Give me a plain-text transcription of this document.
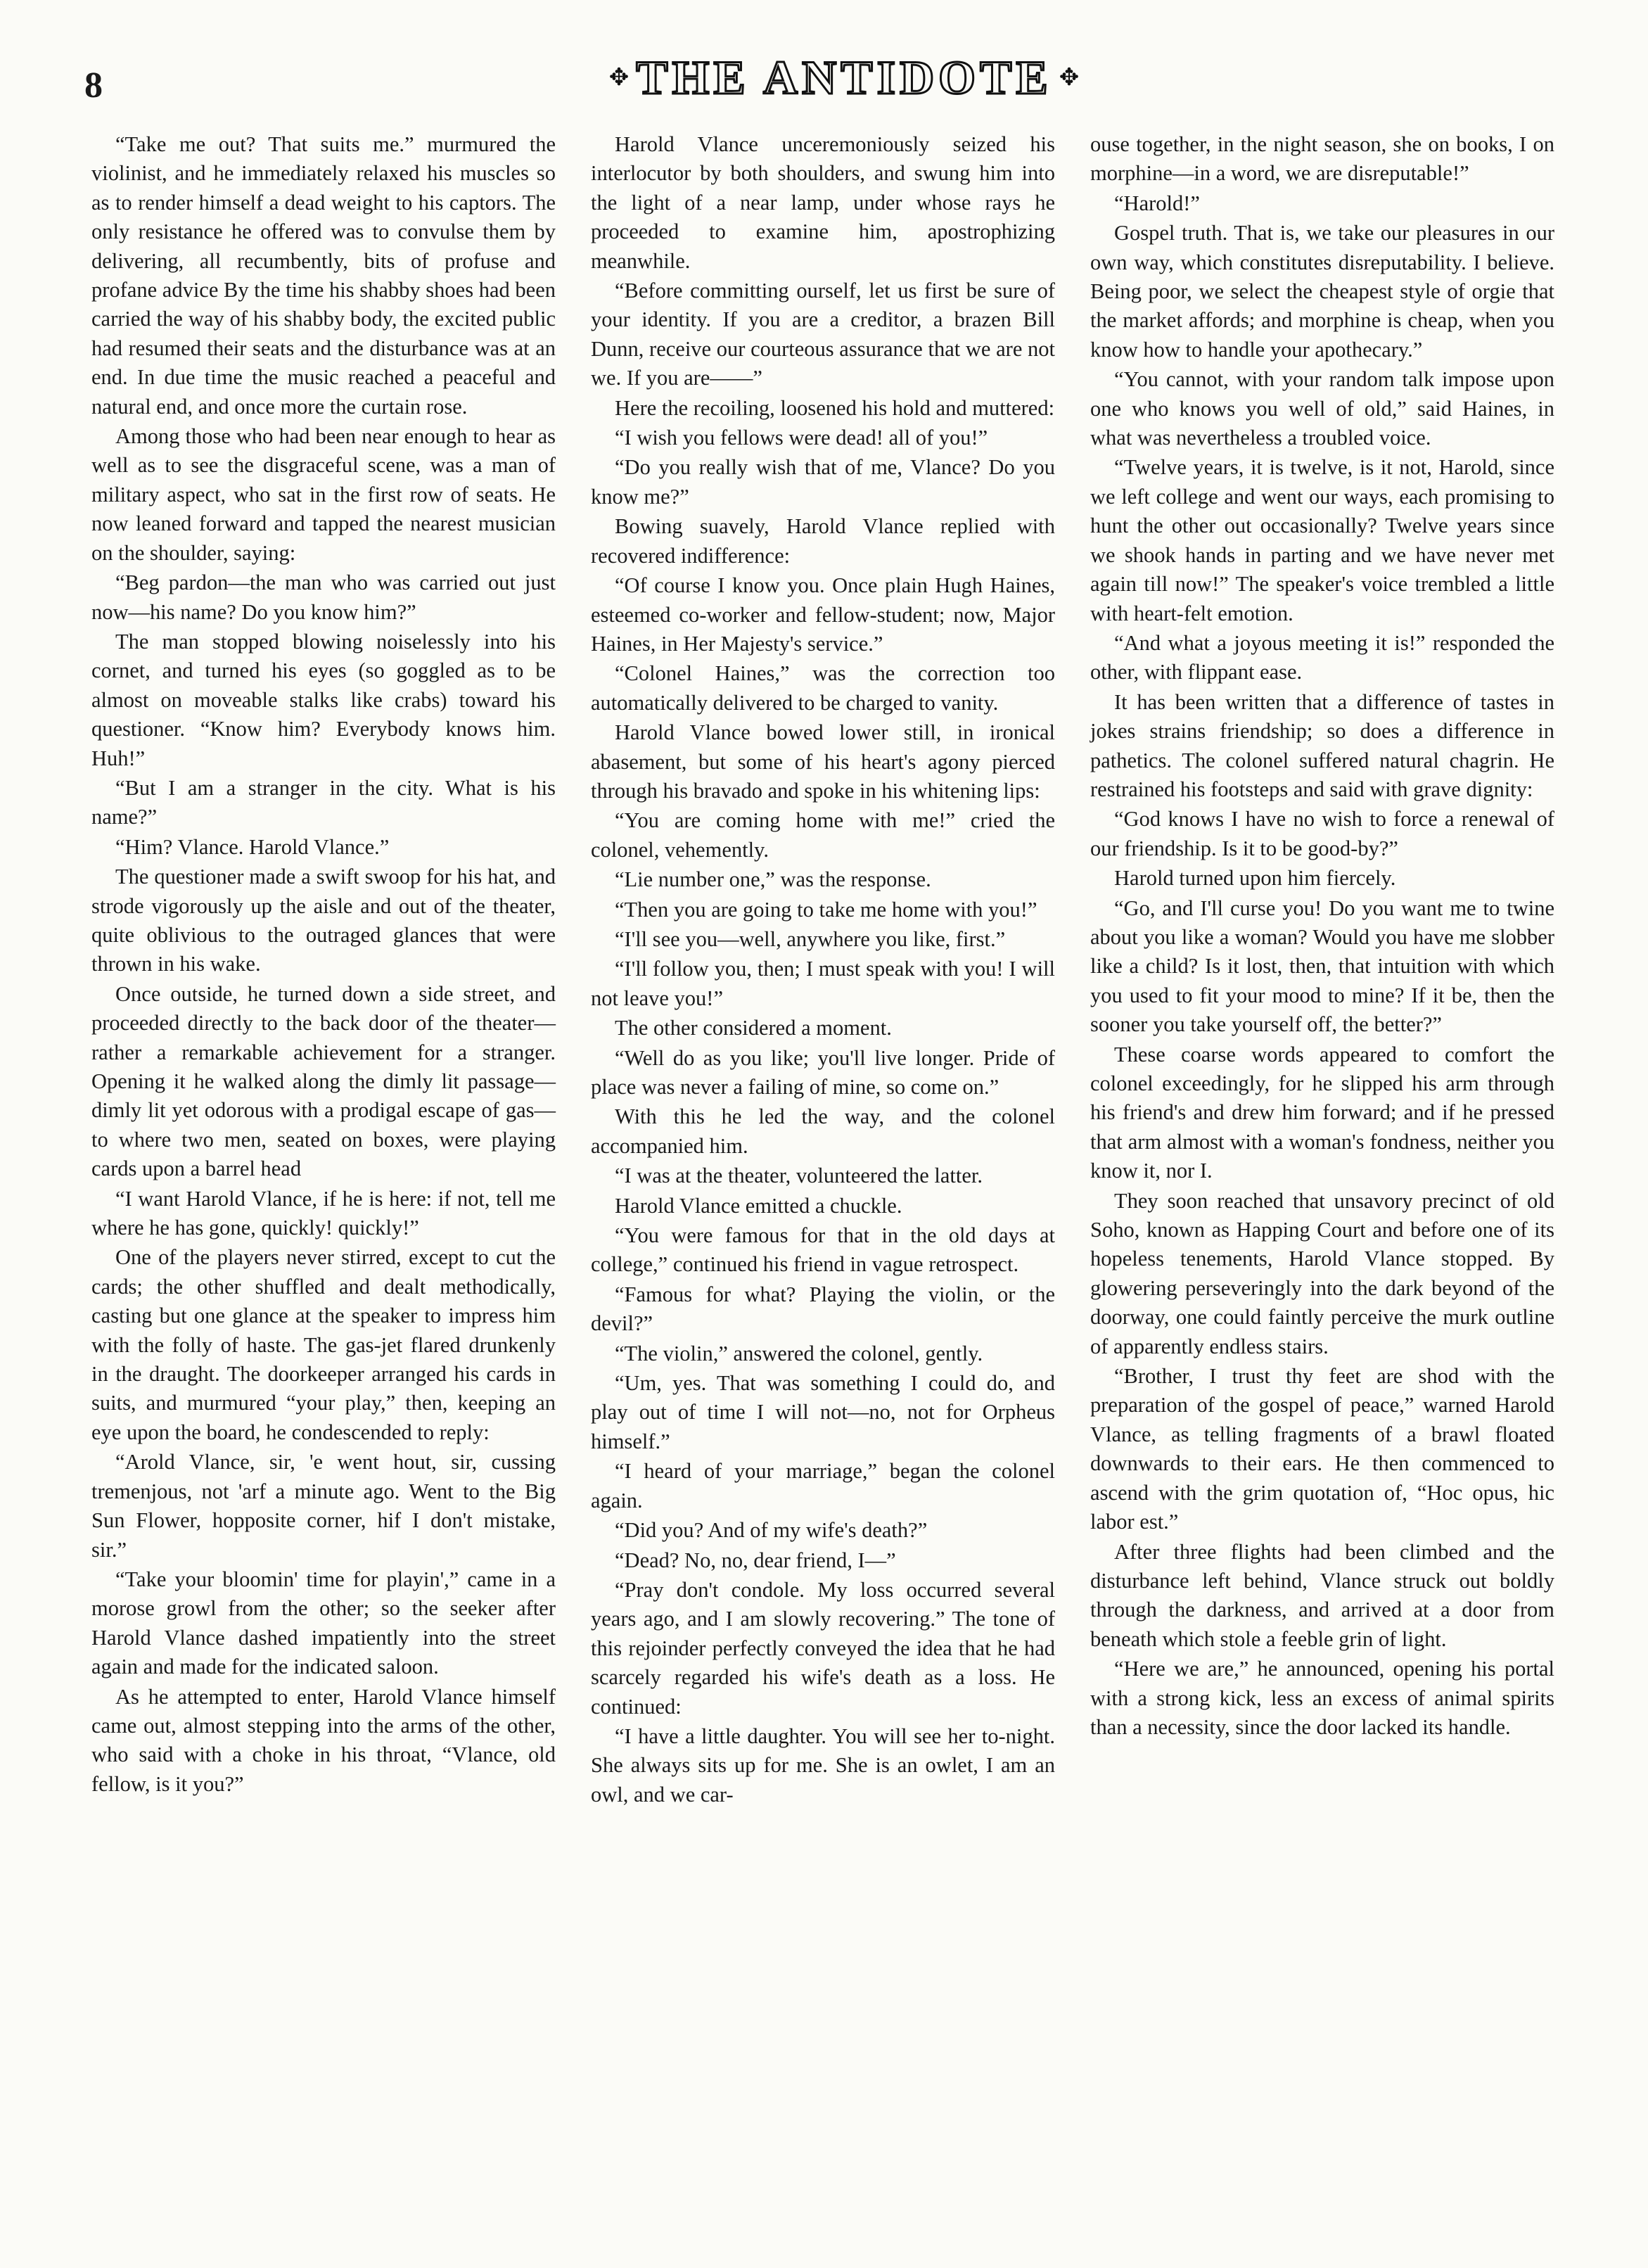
8	✥ THE ANTIDOTE ✥

“Take me out? That suits me.” murmured the violinist, and he immediately relaxed his muscles so as to render himself a dead weight to his captors. The only resistance he offered was to convulse them by delivering, all recumbently, bits of profuse and profane advice By the time his shabby shoes had been carried the way of his shabby body, the excited public had resumed their seats and the disturbance was at an end. In due time the music reached a peaceful and natural end, and once more the curtain rose.

Among those who had been near enough to hear as well as to see the disgraceful scene, was a man of military aspect, who sat in the first row of seats. He now leaned forward and tapped the nearest musician on the shoulder, saying:

“Beg pardon—the man who was carried out just now—his name? Do you know him?”

The man stopped blowing noiselessly into his cornet, and turned his eyes (so goggled as to be almost on moveable stalks like crabs) toward his questioner. “Know him? Everybody knows him. Huh!”

“But I am a stranger in the city. What is his name?”

“Him? Vlance. Harold Vlance.”

The questioner made a swift swoop for his hat, and strode vigorously up the aisle and out of the theater, quite oblivious to the outraged glances that were thrown in his wake.

Once outside, he turned down a side street, and proceeded directly to the back door of the theater—rather a remarkable achievement for a stranger. Opening it he walked along the dimly lit passage—dimly lit yet odorous with a prodigal escape of gas—to where two men, seated on boxes, were playing cards upon a barrel head

“I want Harold Vlance, if he is here: if not, tell me where he has gone, quickly! quickly!”

One of the players never stirred, except to cut the cards; the other shuffled and dealt methodically, casting but one glance at the speaker to impress him with the folly of haste. The gas-jet flared drunkenly in the draught. The doorkeeper arranged his cards in suits, and murmured “your play,” then, keeping an eye upon the board, he condescended to reply:

“Arold Vlance, sir, 'e went hout, sir, cussing tremenjous, not 'arf a minute ago. Went to the Big Sun Flower, hopposite corner, hif I don't mistake, sir.”

“Take your bloomin' time for playin',” came in a morose growl from the other; so the seeker after Harold Vlance dashed impatiently into the street again and made for the indicated saloon.

As he attempted to enter, Harold Vlance himself came out, almost stepping into the arms of the other, who said with a choke in his throat, “Vlance, old fellow, is it you?”

Harold Vlance unceremoniously seized his interlocutor by both shoulders, and swung him into the light of a near lamp, under whose rays he proceeded to examine him, apostrophizing meanwhile.

“Before committing ourself, let us first be sure of your identity. If you are a creditor, a brazen Bill Dunn, receive our courteous assurance that we are not we. If you are——”

Here the recoiling, loosened his hold and muttered:

“I wish you fellows were dead! all of you!”

“Do you really wish that of me, Vlance? Do you know me?”

Bowing suavely, Harold Vlance replied with recovered indifference:

“Of course I know you. Once plain Hugh Haines, esteemed co-worker and fellow-student; now, Major Haines, in Her Majesty's service.”

“Colonel Haines,” was the correction too automatically delivered to be charged to vanity.

Harold Vlance bowed lower still, in ironical abasement, but some of his heart's agony pierced through his bravado and spoke in his whitening lips:

“You are coming home with me!” cried the colonel, vehemently.

“Lie number one,” was the response.

“Then you are going to take me home with you!”

“I'll see you—well, anywhere you like, first.”

“I'll follow you, then; I must speak with you! I will not leave you!”

The other considered a moment.

“Well do as you like; you'll live longer. Pride of place was never a failing of mine, so come on.”

With this he led the way, and the colonel accompanied him.

“I was at the theater, volunteered the latter.

Harold Vlance emitted a chuckle.

“You were famous for that in the old days at college,” continued his friend in vague retrospect.

“Famous for what? Playing the violin, or the devil?”

“The violin,” answered the colonel, gently.

“Um, yes. That was something I could do, and play out of time I will not—no, not for Orpheus himself.”

“I heard of your marriage,” began the colonel again.

“Did you? And of my wife's death?”

“Dead? No, no, dear friend, I—”

“Pray don't condole. My loss occurred several years ago, and I am slowly recovering.” The tone of this rejoinder perfectly conveyed the idea that he had scarcely regarded his wife's death as a loss. He continued:

“I have a little daughter. You will see her to-night. She always sits up for me. She is an owlet, I am an owl, and we car-

ouse together, in the night season, she on books, I on morphine—in a word, we are disreputable!”

“Harold!”

Gospel truth. That is, we take our pleasures in our own way, which constitutes disreputability. I believe. Being poor, we select the cheapest style of orgie that the market affords; and morphine is cheap, when you know how to handle your apothecary.”

“You cannot, with your random talk impose upon one who knows you well of old,” said Haines, in what was nevertheless a troubled voice.

“Twelve years, it is twelve, is it not, Harold, since we left college and went our ways, each promising to hunt the other out occasionally? Twelve years since we shook hands in parting and we have never met again till now!” The speaker's voice trembled a little with heart-felt emotion.

“And what a joyous meeting it is!” responded the other, with flippant ease.

It has been written that a difference of tastes in jokes strains friendship; so does a difference in pathetics. The colonel suffered natural chagrin. He restrained his footsteps and said with grave dignity:

“God knows I have no wish to force a renewal of our friendship. Is it to be good-by?”

Harold turned upon him fiercely.

“Go, and I'll curse you! Do you want me to twine about you like a woman? Would you have me slobber like a child? Is it lost, then, that intuition with which you used to fit your mood to mine? If it be, then the sooner you take yourself off, the better?”

These coarse words appeared to comfort the colonel exceedingly, for he slipped his arm through his friend's and drew him forward; and if he pressed that arm almost with a woman's fondness, neither you know it, nor I.

They soon reached that unsavory precinct of old Soho, known as Happing Court and before one of its hopeless tenements, Harold Vlance stopped. By glowering perseveringly into the dark beyond of the doorway, one could faintly perceive the murk outline of apparently endless stairs.

“Brother, I trust thy feet are shod with the preparation of the gospel of peace,” warned Harold Vlance, as telling fragments of a brawl floated downwards to their ears. He then commenced to ascend with the grim quotation of, “Hoc opus, hic labor est.”

After three flights had been climbed and the disturbance left behind, Vlance struck out boldly through the darkness, and arrived at a door from beneath which stole a feeble grin of light.

“Here we are,” he announced, opening his portal with a strong kick, less an excess of animal spirits than a necessity, since the door lacked its handle.
